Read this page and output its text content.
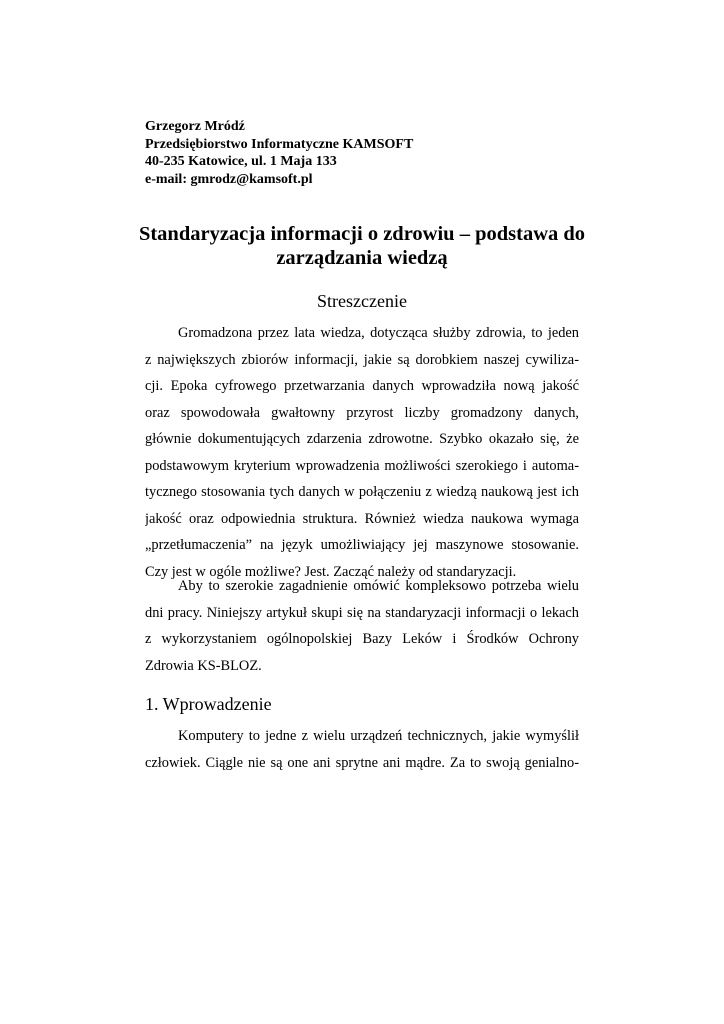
Grzegorz Mródź
Przedsiębiorstwo Informatyczne KAMSOFT
40-235 Katowice, ul. 1 Maja 133
e-mail: gmrodz@kamsoft.pl
Standaryzacja informacji o zdrowiu – podstawa do
zarządzania wiedzą
Streszczenie
Gromadzona przez lata wiedza, dotycząca służby zdrowia, to jeden
z największych zbiorów informacji, jakie są dorobkiem naszej cywiliza-
cji. Epoka cyfrowego przetwarzania danych wprowadziła nową jakość
oraz spowodowała gwałtowny przyrost liczby gromadzony danych,
głównie dokumentujących zdarzenia zdrowotne. Szybko okazało się, że
podstawowym kryterium wprowadzenia możliwości szerokiego i automa-
tycznego stosowania tych danych w połączeniu z wiedzą naukową jest ich
jakość oraz odpowiednia struktura. Również wiedza naukowa wymaga
„przetłumaczenia” na język umożliwiający jej maszynowe stosowanie.
Czy jest w ogóle możliwe? Jest. Zacząć należy od standaryzacji.
Aby to szerokie zagadnienie omówić kompleksowo potrzeba wielu
dni pracy. Niniejszy artykuł skupi się na standaryzacji informacji o lekach
z wykorzystaniem ogólnopolskiej Bazy Leków i Środków Ochrony
Zdrowia KS-BLOZ.
1. Wprowadzenie
Komputery to jedne z wielu urządzeń technicznych, jakie wymyślił
człowiek. Ciągle nie są one ani sprytne ani mądre. Za to swoją genialno-
